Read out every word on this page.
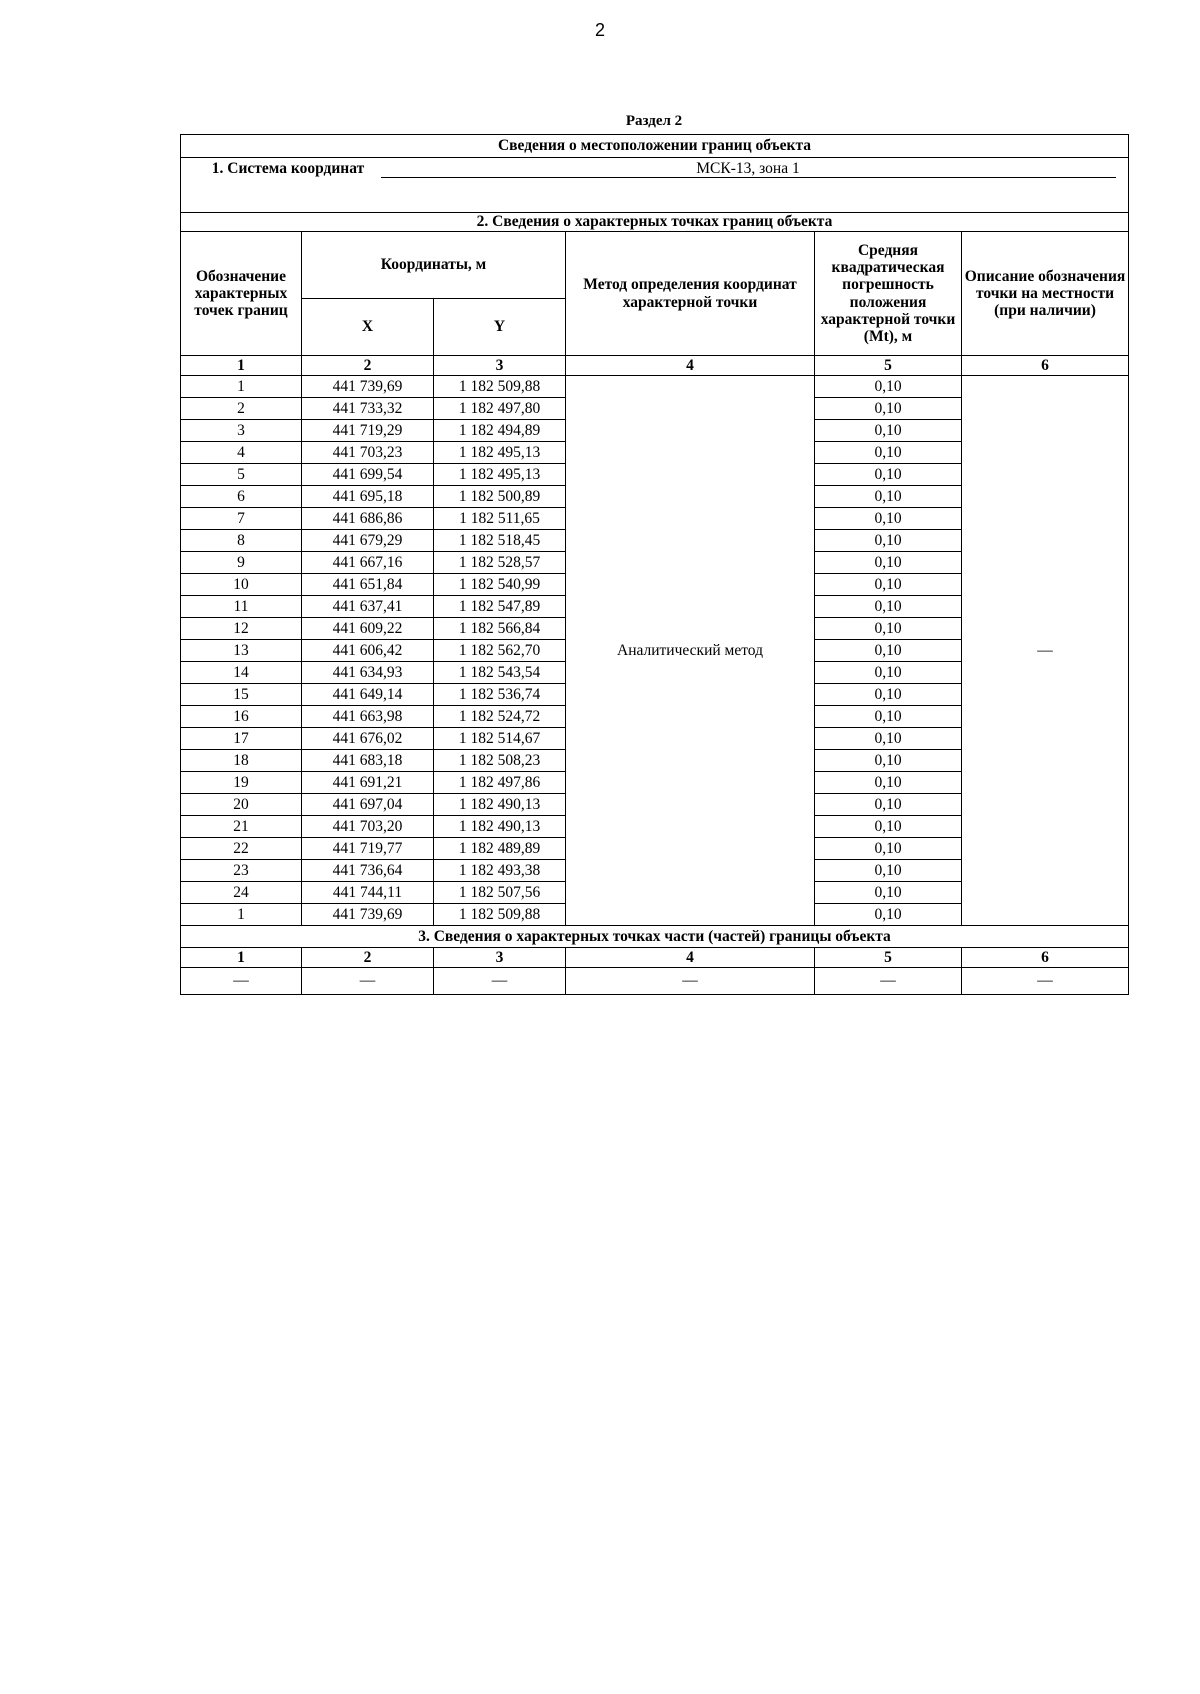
2
Раздел 2
Сведения о местоположении границ объекта					
1. Система координат МСК-13, зона 1					
2. Сведения о характерных точках границ объекта					
Обозначение характерных точек границ	Координаты, м		Метод определения координат характерной точки	Средняя квадратическая погрешность положения характерной точки (Mt), м	Описание обозначения точки на местности (при наличии)
	X	Y			
1	2	3	4	5	6
1	441 739,69	1 182 509,88	Аналитический метод	0,10	—
2	441 733,32	1 182 497,80		0,10	
3	441 719,29	1 182 494,89		0,10	
4	441 703,23	1 182 495,13		0,10	
5	441 699,54	1 182 495,13		0,10	
6	441 695,18	1 182 500,89		0,10	
7	441 686,86	1 182 511,65		0,10	
8	441 679,29	1 182 518,45		0,10	
9	441 667,16	1 182 528,57		0,10	
10	441 651,84	1 182 540,99		0,10	
11	441 637,41	1 182 547,89		0,10	
12	441 609,22	1 182 566,84		0,10	
13	441 606,42	1 182 562,70		0,10	
14	441 634,93	1 182 543,54		0,10	
15	441 649,14	1 182 536,74		0,10	
16	441 663,98	1 182 524,72		0,10	
17	441 676,02	1 182 514,67		0,10	
18	441 683,18	1 182 508,23		0,10	
19	441 691,21	1 182 497,86		0,10	
20	441 697,04	1 182 490,13		0,10	
21	441 703,20	1 182 490,13		0,10	
22	441 719,77	1 182 489,89		0,10	
23	441 736,64	1 182 493,38		0,10	
24	441 744,11	1 182 507,56		0,10	
1	441 739,69	1 182 509,88		0,10	
3. Сведения о характерных точках части (частей) границы объекта					
1	2	3	4	5	6
—	—	—	—	—	—
